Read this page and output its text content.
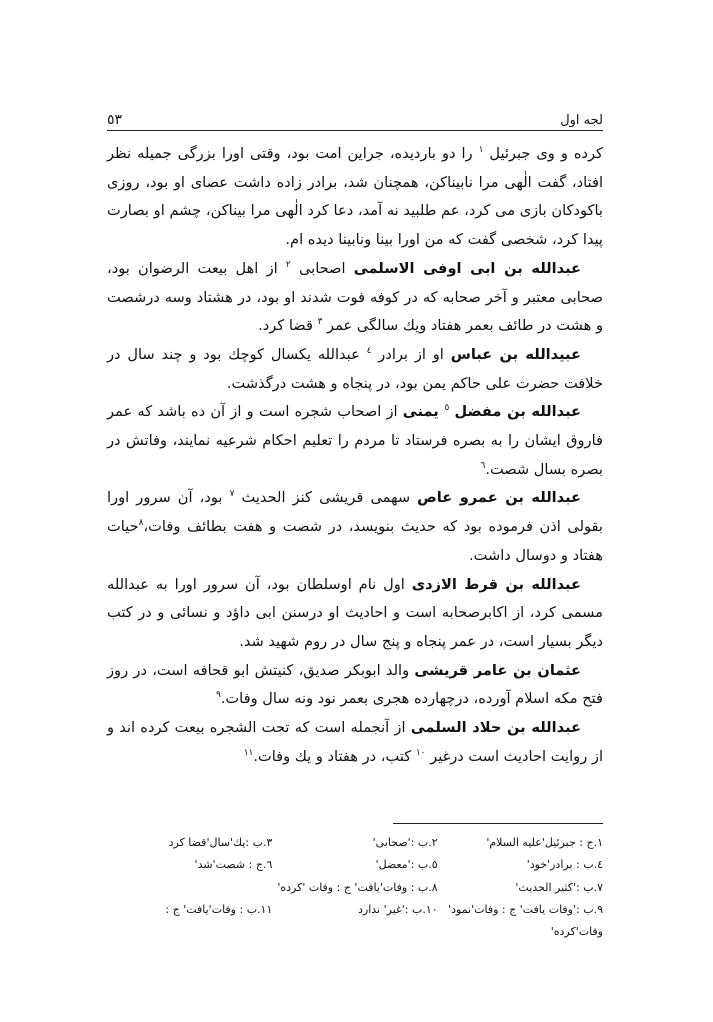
لجه اول
٥٣

کرده و وی جبرئیل $^١$ را دو باردیده، جراین امت بود، وقتی اورا بزرگی جمیله نظر افتاد، گفت الٰهی مرا نابیناکن، همچنان شد، برادر زاده داشت عصای او بود، روزی باکودکان بازی می کرد، عم طلبید نه آمد، دعا کرد الٰهی مرا بیناکن، چشم او بصارت پیدا کرد، شخصی گفت که من اورا بینا ونابینا دیده ام.

عبدالله بن ابی اوفی الاسلمی اصحابی $^٢$ از اهل بیعت الرضوان بود، صحابی معتبر و آخر صحابه که در کوفه فوت شدند او بود، در هشتاد وسه درشصت و هشت در طائف بعمر هفتاد ویك سالگی عمر $^٣$ قضا کرد.

عبیدالله بن عباس او از برادر $^٤$ عبدالله یکسال کوچك بود و چند سال در خلافت حضرت علی حاکم یمن بود، در پنجاه و هشت درگذشت.

عبدالله بن مفضل $^٥$ یمنی از اصحاب شجره است و از آن ده باشد که عمر فاروق ایشان را به بصره فرستاد تا مردم را تعلیم احکام شرعیه نمایند، وفاتش در بصره بسال شصت.$^٦$

عبدالله بن عمرو عاص سهمی قریشی کنز الحدیث $^٧$ بود، آن سرور اورا بقولی اذن فرموده بود که حدیث بنویسد، در شصت و هفت بطائف وفات،$^٨$حیات هفتاد و دوسال داشت.

عبدالله بن قرط الازدی اول نام اوسلطان بود، آن سرور اورا به عبدالله مسمی کرد، از اکابرصحابه است و احادیث او درسنن ابی داؤد و نسائی و در کتب دیگر بسیار است، در عمر پنجاه و پنج سال در روم شهید شد.

عثمان بن عامر قریشی والد ابوبکر صدیق، کنیتش ابو قحافه است، در روز فتح مکه اسلام آورده، درچهارده هجری بعمر نود ونه سال وفات.$^٩$

عبدالله بن حلاد السلمی از آنجمله است که تحت الشجره بیعت کرده اند و از روایت احادیث است درغیر $^{١٠}$ کتب، در هفتاد و یك وفات.$^{١١}$

١.ج : جبرئیل'علیه السلام'
٢.ب :'صحابی'
٣.ب :یك'سال'قضا کرد
٤.ب : برادر'خود'
٥.ب :'معضل'
٦.ج : شصت'شد'
٧.ب :'کثیر الحدیث'
٨.ب : وفات'یافت' ج : وفات 'کرده'
٩.ب :'وفات یافت' ج : وفات'نمود'
١٠.ب :'غیر' ندارد
١١.ب : وفات'یافت' ج :
وفات'کرده'
